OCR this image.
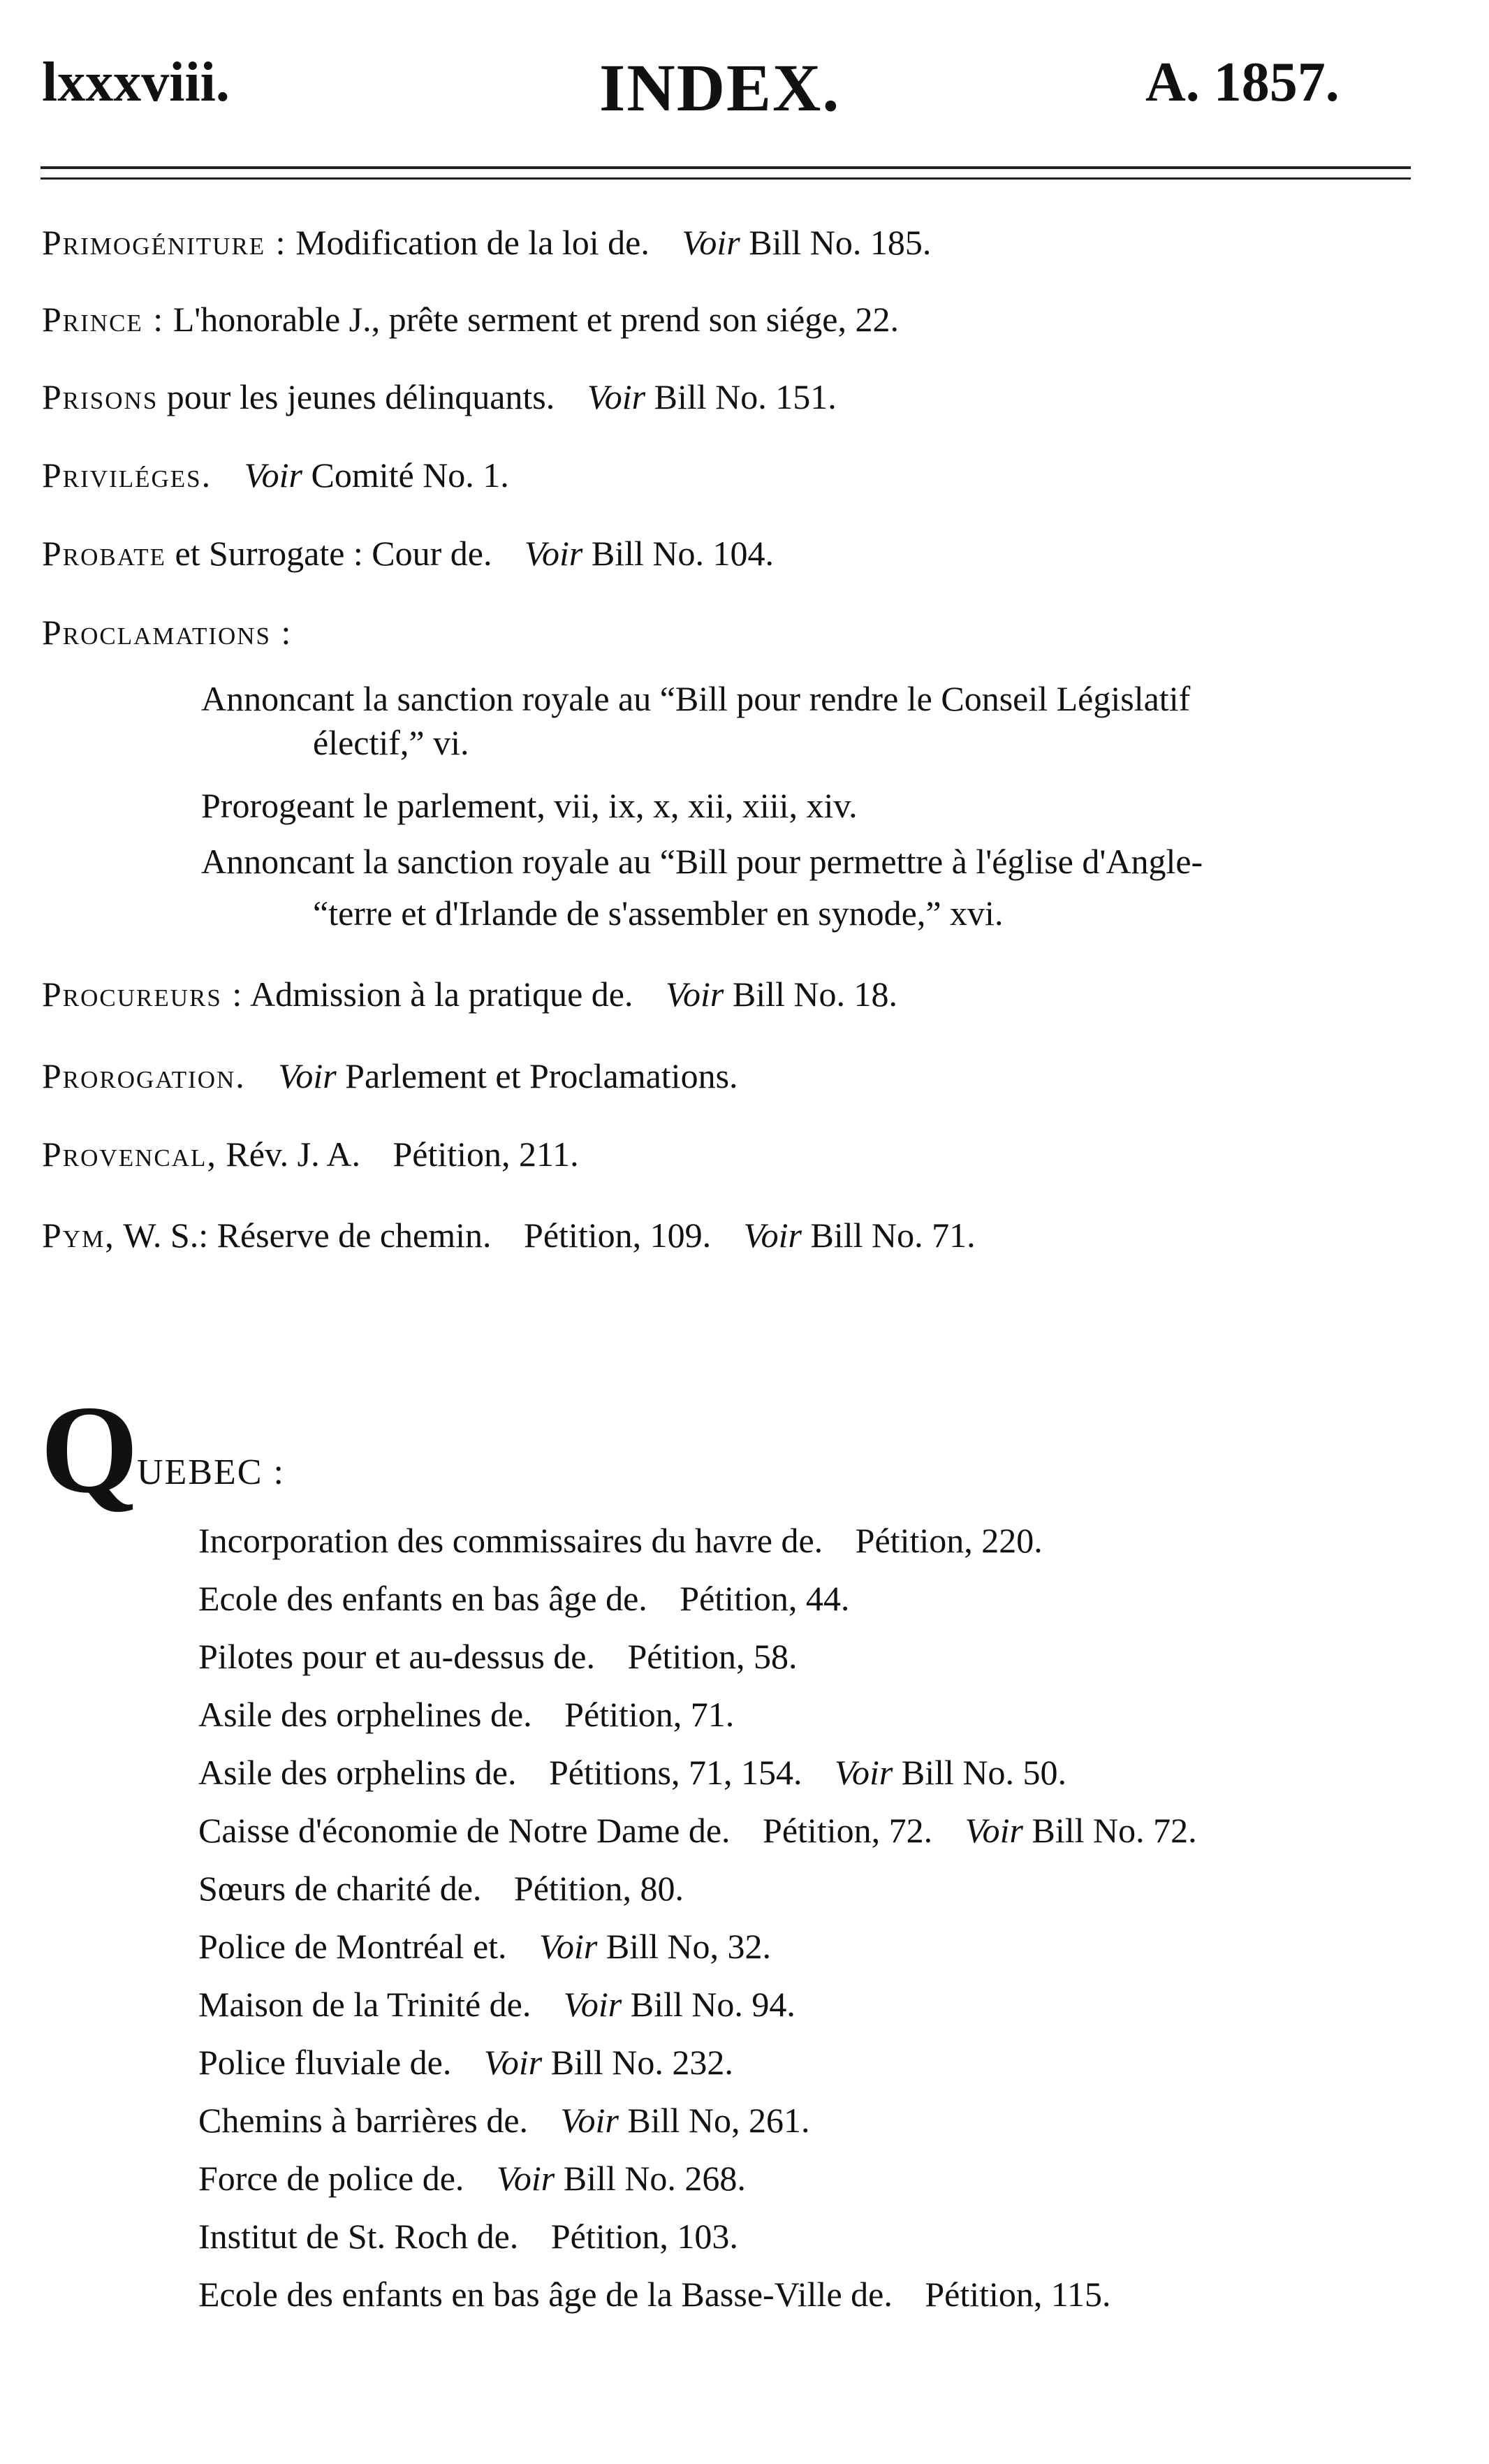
lxxxviii.	INDEX.	A. 1857.
Primogéniture : Modification de la loi de. Voir Bill No. 185.
Prince : L'honorable J., prête serment et prend son siége, 22.
Prisons pour les jeunes délinquants. Voir Bill No. 151.
Priviléges. Voir Comité No. 1.
Probate et Surrogate : Cour de. Voir Bill No. 104.
Proclamations :
Annoncant la sanction royale au “Bill pour rendre le Conseil Législatif
électif,” vi.
Prorogeant le parlement, vii, ix, x, xii, xiii, xiv.
Annoncant la sanction royale au “Bill pour permettre à l'église d'Angle-
“terre et d'Irlande de s'assembler en synode,” xvi.
Procureurs : Admission à la pratique de. Voir Bill No. 18.
Prorogation. Voir Parlement et Proclamations.
Provencal, Rév. J. A. Pétition, 211.
Pym, W. S.: Réserve de chemin. Pétition, 109. Voir Bill No. 71.
Q
UEBEC :
Incorporation des commissaires du havre de. Pétition, 220.
Ecole des enfants en bas âge de. Pétition, 44.
Pilotes pour et au-dessus de. Pétition, 58.
Asile des orphelines de. Pétition, 71.
Asile des orphelins de. Pétitions, 71, 154. Voir Bill No. 50.
Caisse d'économie de Notre Dame de. Pétition, 72. Voir Bill No. 72.
Sœurs de charité de. Pétition, 80.
Police de Montréal et. Voir Bill No, 32.
Maison de la Trinité de. Voir Bill No. 94.
Police fluviale de. Voir Bill No. 232.
Chemins à barrières de. Voir Bill No, 261.
Force de police de. Voir Bill No. 268.
Institut de St. Roch de. Pétition, 103.
Ecole des enfants en bas âge de la Basse-Ville de. Pétition, 115.
